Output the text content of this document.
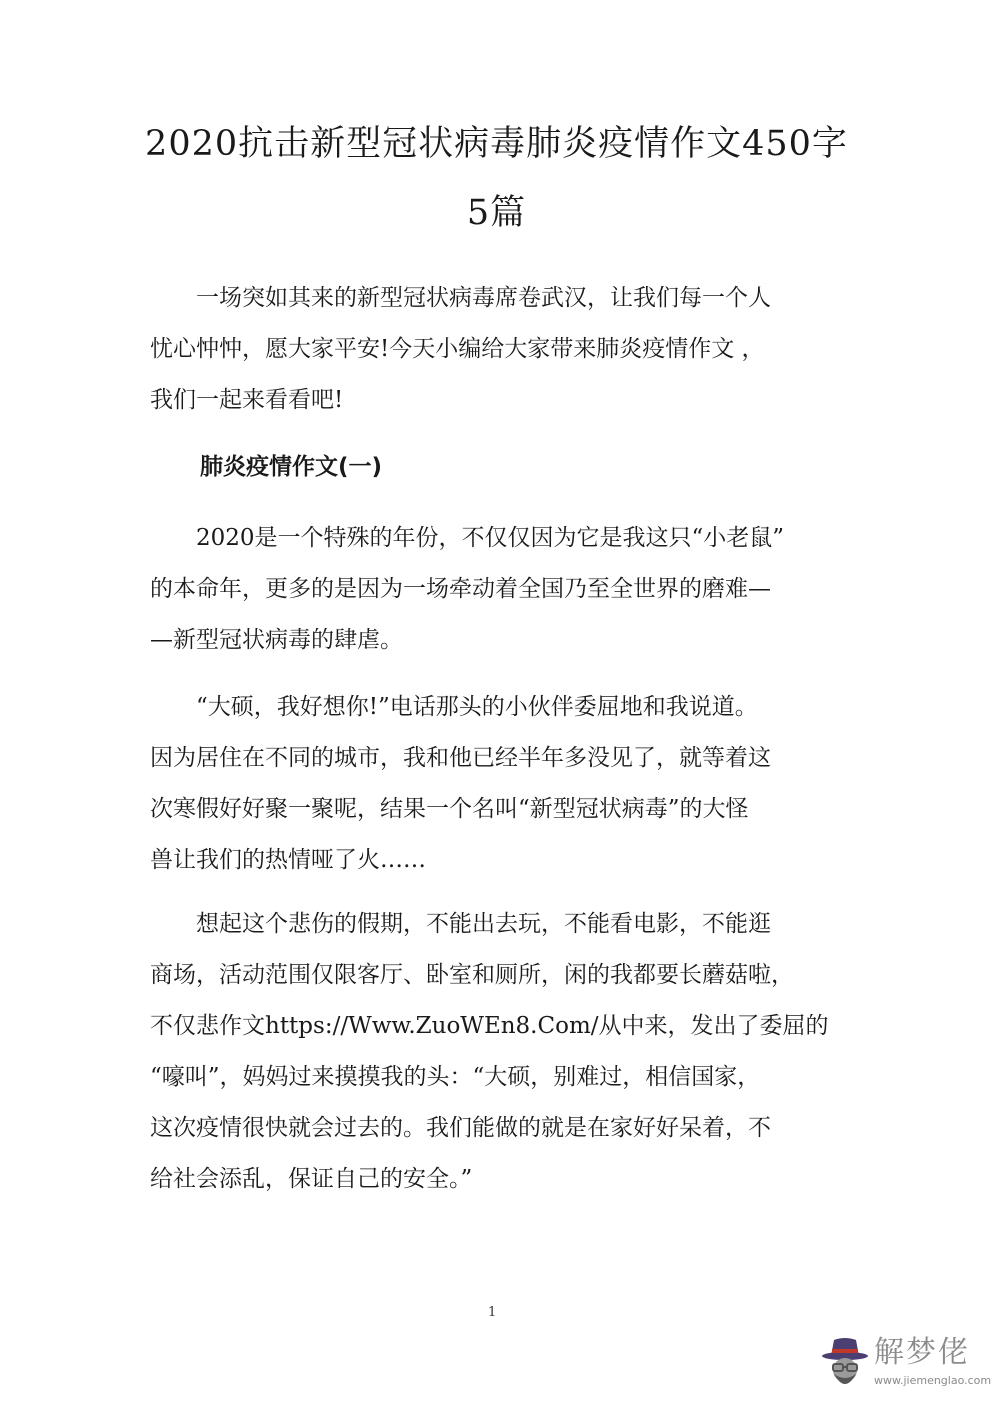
2020抗击新型冠状病毒肺炎疫情作文450字
5篇

　　一场突如其来的新型冠状病毒席卷武汉，让我们每一个人
忧心忡忡，愿大家平安!今天小编给大家带来肺炎疫情作文 ，
我们一起来看看吧!

肺炎疫情作文(一)

　　2020是一个特殊的年份，不仅仅因为它是我这只“小老鼠”
的本命年，更多的是因为一场牵动着全国乃至全世界的磨难—
—新型冠状病毒的肆虐。

　　“大硕，我好想你!”电话那头的小伙伴委屈地和我说道。
因为居住在不同的城市，我和他已经半年多没见了，就等着这
次寒假好好聚一聚呢，结果一个名叫“新型冠状病毒”的大怪
兽让我们的热情哑了火……

　　想起这个悲伤的假期，不能出去玩，不能看电影，不能逛
商场，活动范围仅限客厅、卧室和厕所，闲的我都要长蘑菇啦，
不仅悲作文https://Www.ZuoWEn8.Com/从中来，发出了委屈的
“嚎叫”，妈妈过来摸摸我的头：“大硕，别难过，相信国家，
这次疫情很快就会过去的。我们能做的就是在家好好呆着，不
给社会添乱，保证自己的安全。”

1
解梦佬
www.jiemenglao.com
